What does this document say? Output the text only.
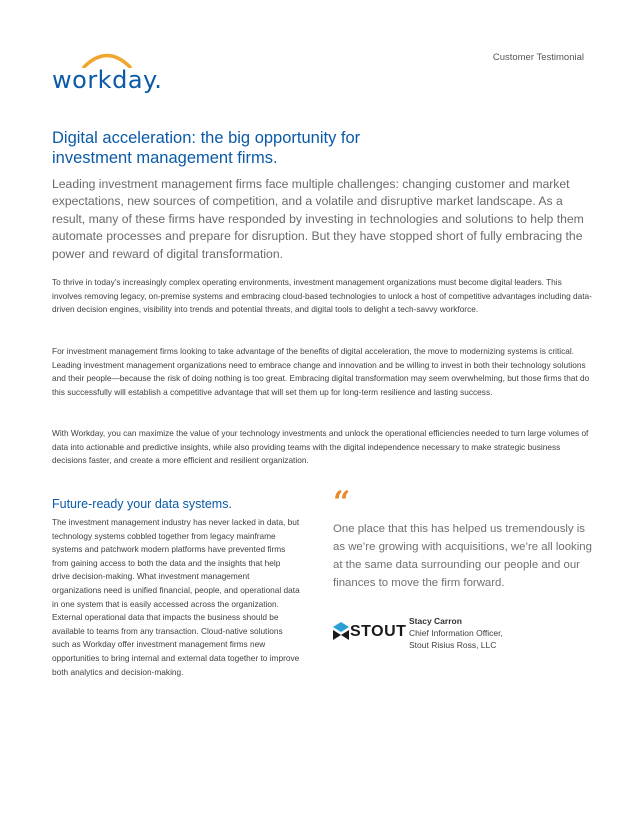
workday.
Customer Testimonial
Digital acceleration: the big opportunity for investment management firms.

Leading investment management firms face multiple challenges: changing customer and market expectations, new sources of competition, and a volatile and disruptive market landscape. As a result, many of these firms have responded by investing in technologies and solutions to help them automate processes and prepare for disruption. But they have stopped short of fully embracing the power and reward of digital transformation.

To thrive in today’s increasingly complex operating environments, investment management organizations must become digital leaders. This involves removing legacy, on-premise systems and embracing cloud-based technologies to unlock a host of competitive advantages including data-driven decision engines, visibility into trends and potential threats, and digital tools to delight a tech-savvy workforce.

For investment management firms looking to take advantage of the benefits of digital acceleration, the move to modernizing systems is critical. Leading investment management organizations need to embrace change and innovation and be willing to invest in both their technology solutions and their people—because the risk of doing nothing is too great. Embracing digital transformation may seem overwhelming, but those firms that do this successfully will establish a competitive advantage that will set them up for long-term resilience and lasting success.

With Workday, you can maximize the value of your technology investments and unlock the operational efficiencies needed to turn large volumes of data into actionable and predictive insights, while also providing teams with the digital independence necessary to make strategic business decisions faster, and create a more efficient and resilient organization.

Future-ready your data systems.

The investment management industry has never lacked in data, but technology systems cobbled together from legacy mainframe systems and patchwork modern platforms have prevented firms from gaining access to both the data and the insights that help drive decision-making. What investment management organizations need is unified financial, people, and operational data in one system that is easily accessed across the organization. External operational data that impacts the business should be available to teams from any transaction. Cloud-native solutions such as Workday offer investment management firms new opportunities to bring internal and external data together to improve both analytics and decision-making.

“

One place that this has helped us tremendously is as we’re growing with acquisitions, we’re all looking at the same data surrounding our people and our finances to move the firm forward.

STOUT
Stacy Carron
Chief Information Officer,
Stout Risius Ross, LLC
